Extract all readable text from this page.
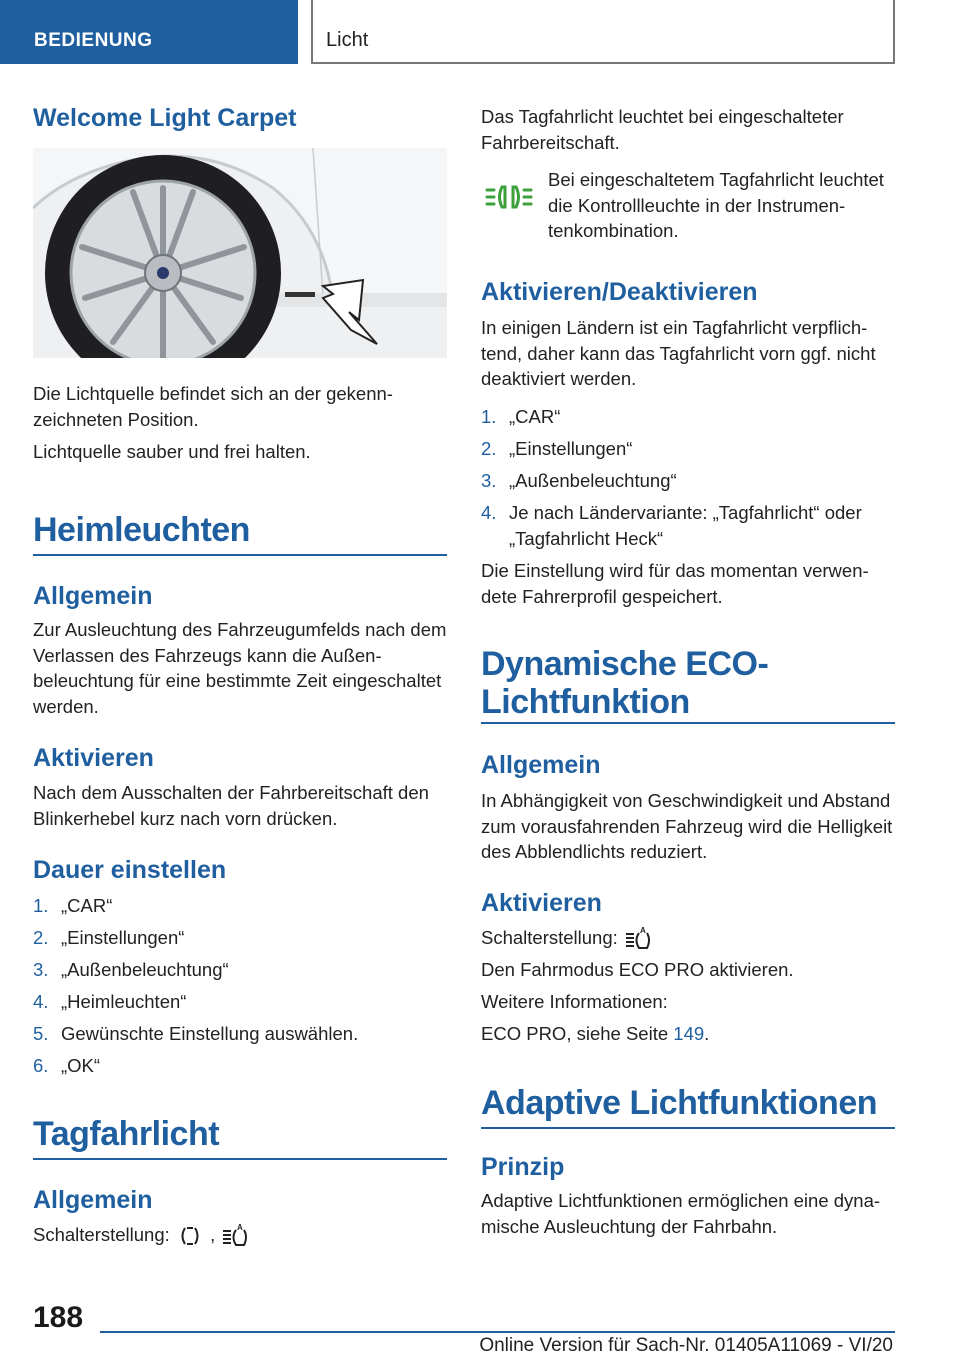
BEDIENUNG	Licht
Welcome Light Carpet
Die Lichtquelle befindet sich an der gekennzeichneten Position.
Lichtquelle sauber und frei halten.
Heimleuchten
Allgemein
Zur Ausleuchtung des Fahrzeugumfelds nach dem Verlassen des Fahrzeugs kann die Außenbeleuchtung für eine bestimmte Zeit eingeschaltet werden.
Aktivieren
Nach dem Ausschalten der Fahrbereitschaft den Blinkerhebel kurz nach vorn drücken.
Dauer einstellen
1. „CAR“
2. „Einstellungen“
3. „Außenbeleuchtung“
4. „Heimleuchten“
5. Gewünschte Einstellung auswählen.
6. „OK“
Tagfahrlicht
Allgemein
Schalterstellung: ,	A
Das Tagfahrlicht leuchtet bei eingeschalteter Fahrbereitschaft.
Bei eingeschaltetem Tagfahrlicht leuchtet die Kontrollleuchte in der Instrumentenkombination.
Aktivieren/Deaktivieren
In einigen Ländern ist ein Tagfahrlicht verpflichtend, daher kann das Tagfahrlicht vorn ggf. nicht deaktiviert werden.
1. „CAR“
2. „Einstellungen“
3. „Außenbeleuchtung“
4. Je nach Ländervariante: „Tagfahrlicht“ oder „Tagfahrlicht Heck“
Die Einstellung wird für das momentan verwendete Fahrerprofil gespeichert.
Dynamische ECO-
Lichtfunktion
Allgemein
In Abhängigkeit von Geschwindigkeit und Abstand zum vorausfahrenden Fahrzeug wird die Helligkeit des Abblendlichts reduziert.
Aktivieren
Schalterstellung:	A
Den Fahrmodus ECO PRO aktivieren.
Weitere Informationen:
ECO PRO, siehe Seite 149.
Adaptive Lichtfunktionen
Prinzip
Adaptive Lichtfunktionen ermöglichen eine dynamische Ausleuchtung der Fahrbahn.
188
Online Version für Sach-Nr. 01405A11069 - VI/20
